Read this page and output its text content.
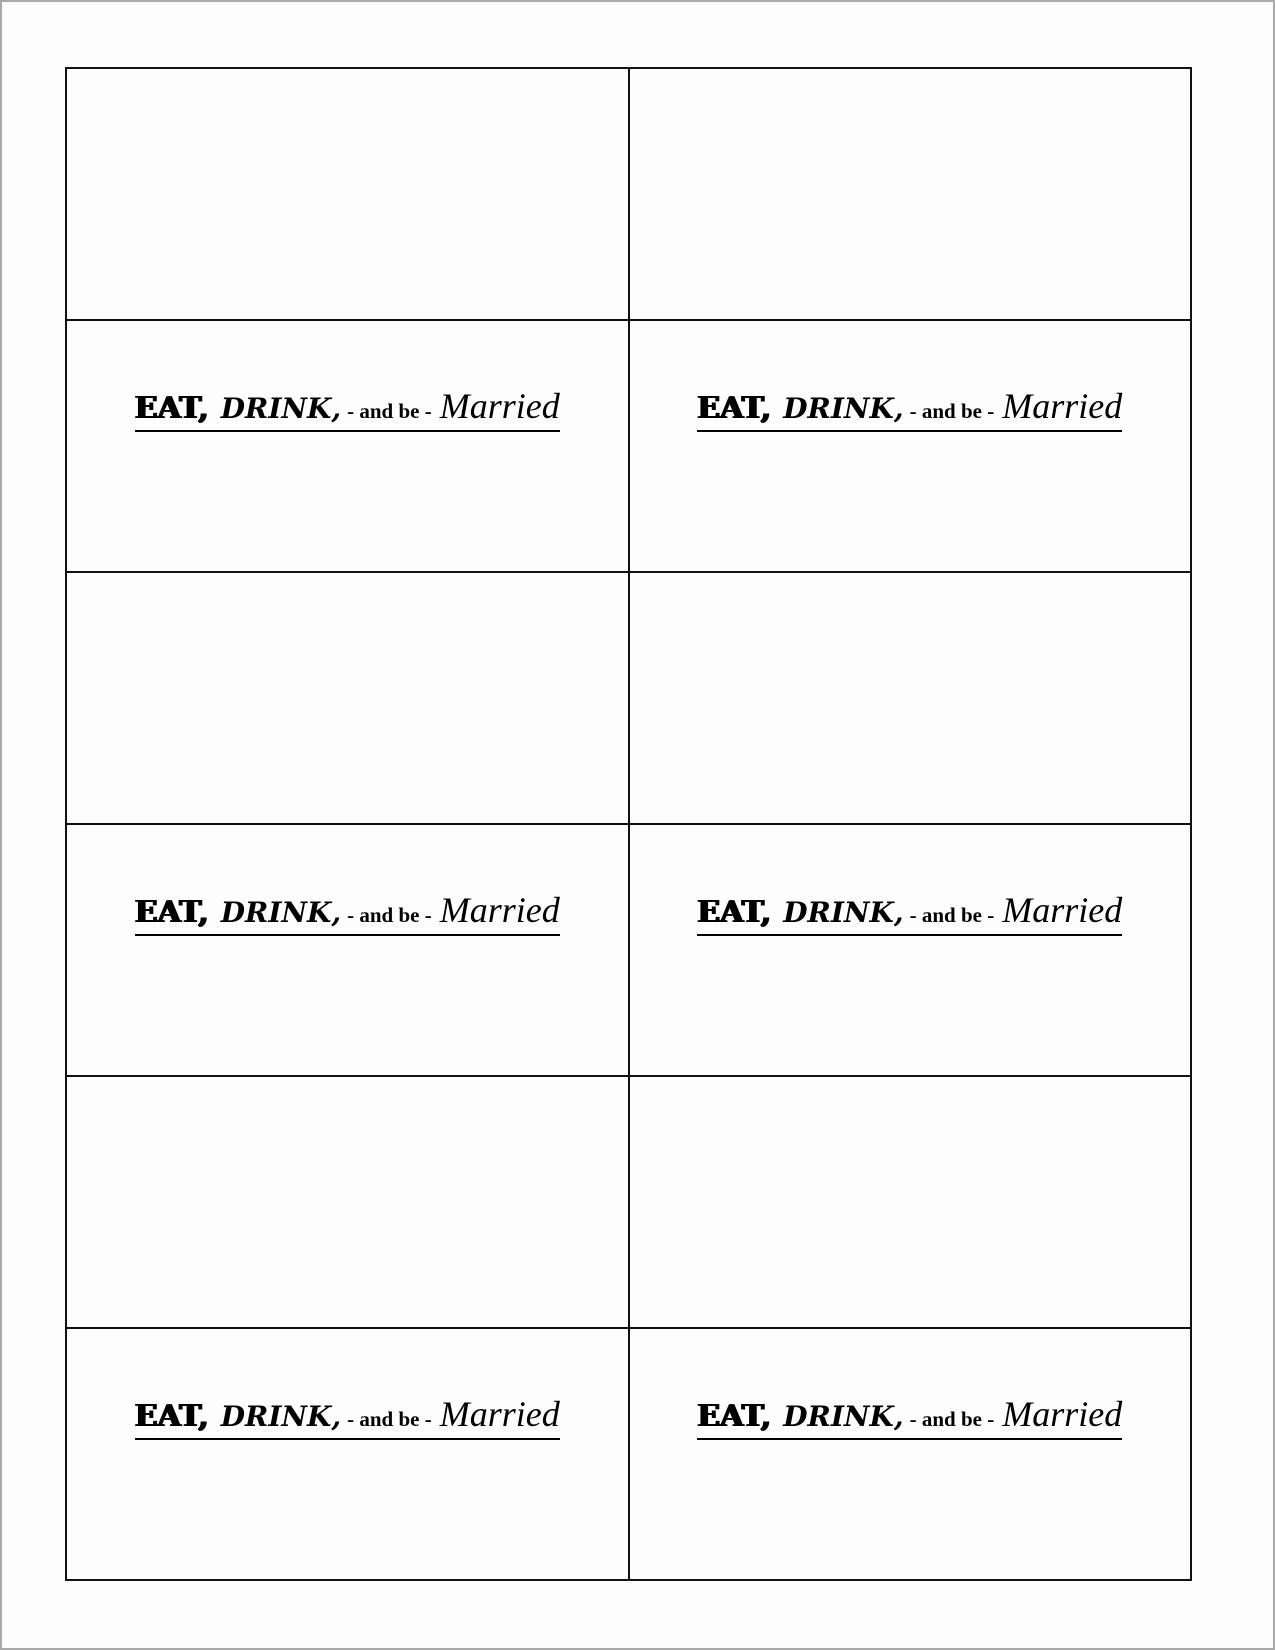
EAT, DRINK, - and be - Married	EAT, DRINK, - and be - Married
EAT, DRINK, - and be - Married	EAT, DRINK, - and be - Married
EAT, DRINK, - and be - Married	EAT, DRINK, - and be - Married
